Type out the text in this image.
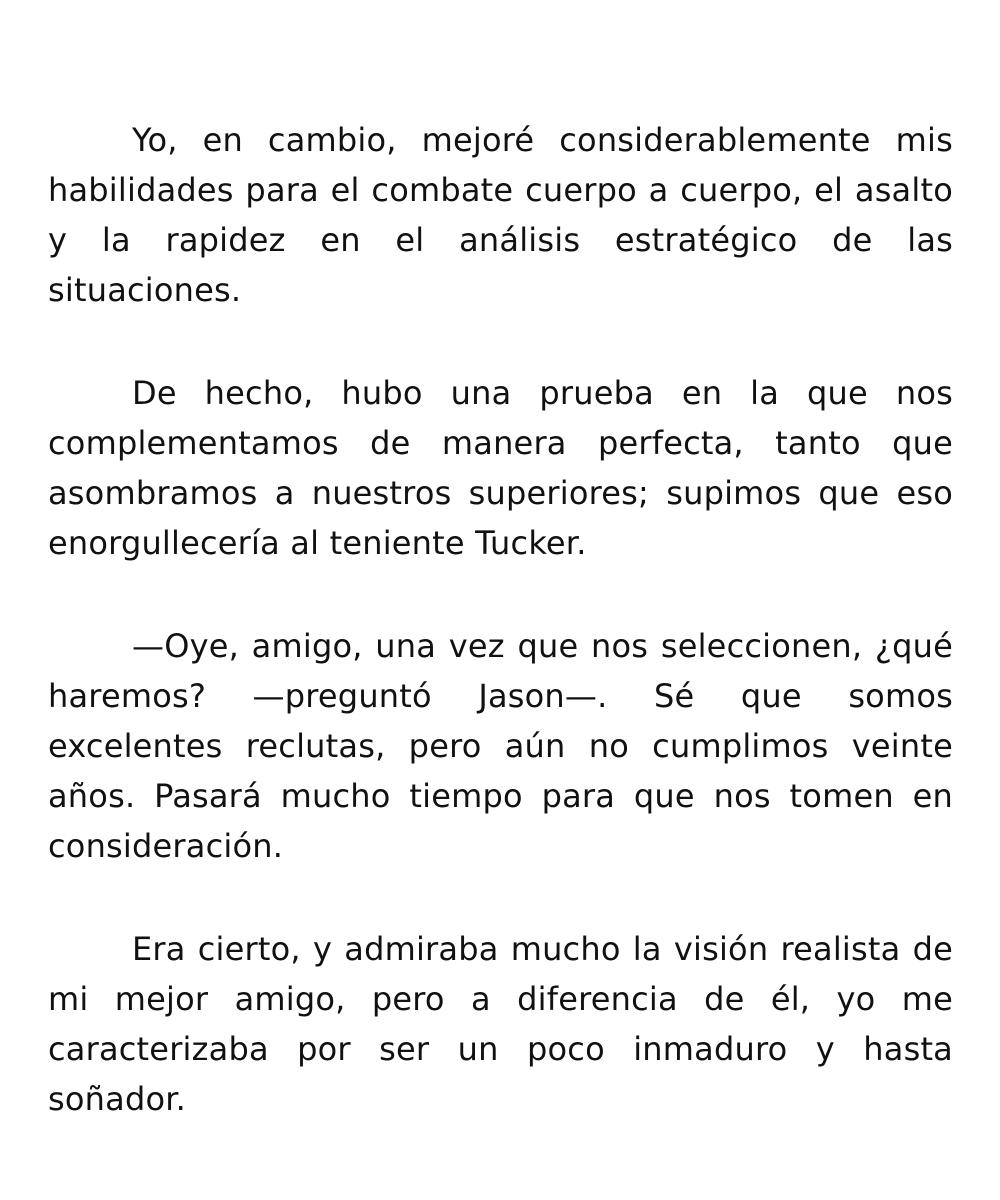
Yo, en cambio, mejoré considerablemente mis habilidades para el combate cuerpo a cuerpo, el asalto y la rapidez en el análisis estratégico de las situaciones.

De hecho, hubo una prueba en la que nos complementamos de manera perfecta, tanto que asombramos a nuestros superiores; supimos que eso enorgullecería al teniente Tucker.

—Oye, amigo, una vez que nos seleccionen, ¿qué haremos? —preguntó Jason—. Sé que somos excelentes reclutas, pero aún no cumplimos veinte años. Pasará mucho tiempo para que nos tomen en consideración.

Era cierto, y admiraba mucho la visión realista de mi mejor amigo, pero a diferencia de él, yo me caracterizaba por ser un poco inmaduro y hasta soñador.
